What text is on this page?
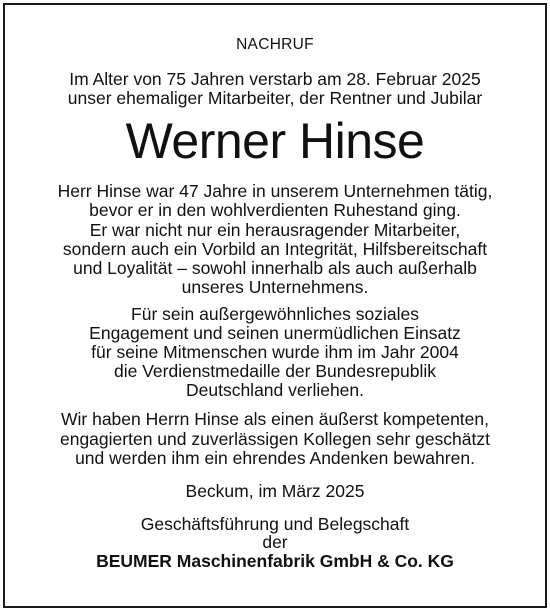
NACHRUF
Im Alter von 75 Jahren verstarb am 28. Februar 2025
unser ehemaliger Mitarbeiter, der Rentner und Jubilar
Werner Hinse
Herr Hinse war 47 Jahre in unserem Unternehmen tätig,
bevor er in den wohlverdienten Ruhestand ging.
Er war nicht nur ein herausragender Mitarbeiter,
sondern auch ein Vorbild an Integrität, Hilfsbereitschaft
und Loyalität – sowohl innerhalb als auch außerhalb
unseres Unternehmens.
Für sein außergewöhnliches soziales
Engagement und seinen unermüdlichen Einsatz
für seine Mitmenschen wurde ihm im Jahr 2004
die Verdienstmedaille der Bundesrepublik
Deutschland verliehen.
Wir haben Herrn Hinse als einen äußerst kompetenten,
engagierten und zuverlässigen Kollegen sehr geschätzt
und werden ihm ein ehrendes Andenken bewahren.
Beckum, im März 2025
Geschäftsführung und Belegschaft
der
BEUMER Maschinenfabrik GmbH & Co. KG
